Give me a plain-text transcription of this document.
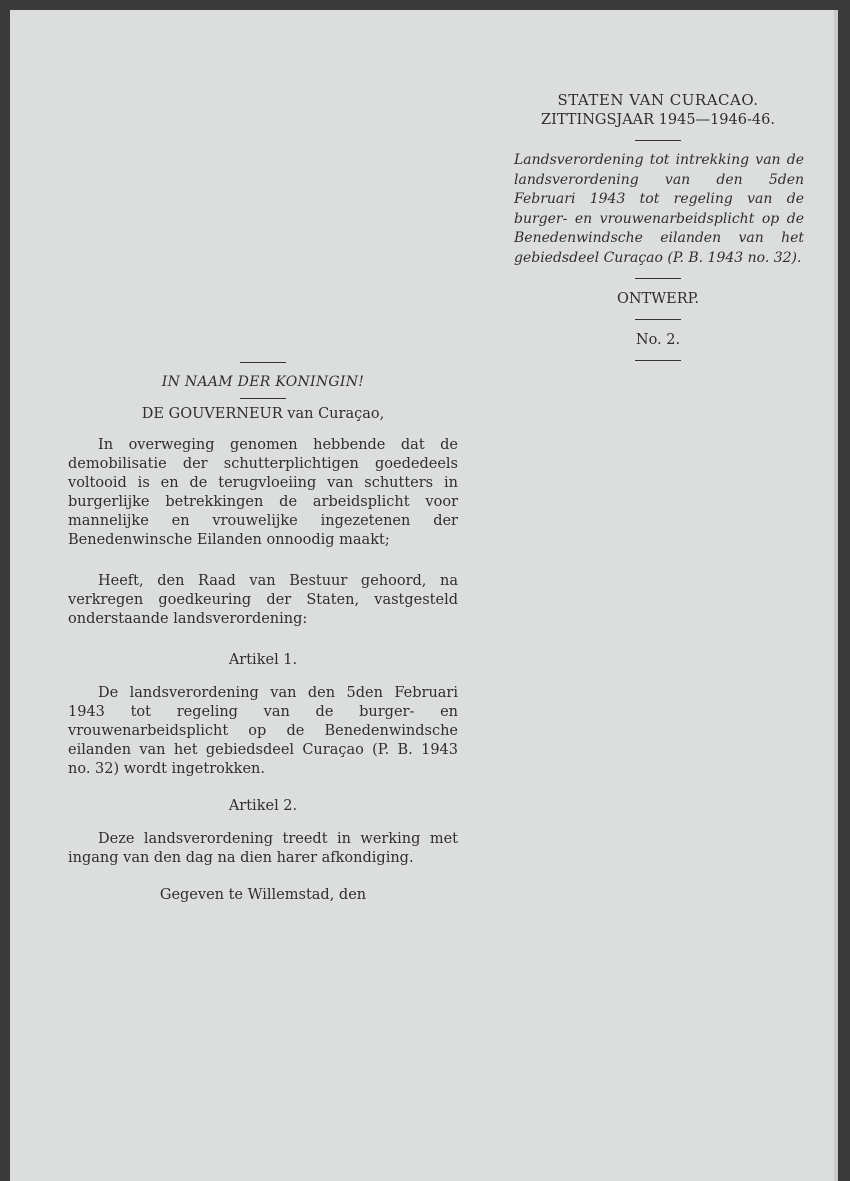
STATEN VAN CURACAO.
ZITTINGSJAAR 1945—1946-46.
Landsverordening tot intrekking van de landsverordening van den 5den Februari 1943 tot regeling van de burger- en vrouwenarbeidsplicht op de Benedenwindsche eilanden van het gebiedsdeel Curaçao (P. B. 1943 no. 32).
ONTWERP.
No. 2.
IN NAAM DER KONINGIN!
DE GOUVERNEUR van Curaçao,

In overweging genomen hebbende dat de demobilisatie der schutterplichtigen goededeels voltooid is en de terugvloeiing van schutters in burgerlijke betrekkingen de arbeidsplicht voor mannelijke en vrouwelijke ingezetenen der Benedenwinsche Eilanden onnoodig maakt;

Heeft, den Raad van Bestuur gehoord, na verkregen goedkeuring der Staten, vastgesteld onderstaande landsverordening:

Artikel 1.

De landsverordening van den 5den Februari 1943 tot regeling van de burger- en vrouwenarbeidsplicht op de Benedenwindsche eilanden van het gebiedsdeel Curaçao (P. B. 1943 no. 32) wordt ingetrokken.

Artikel 2.

Deze landsverordening treedt in werking met ingang van den dag na dien harer afkondiging.

Gegeven te Willemstad, den
